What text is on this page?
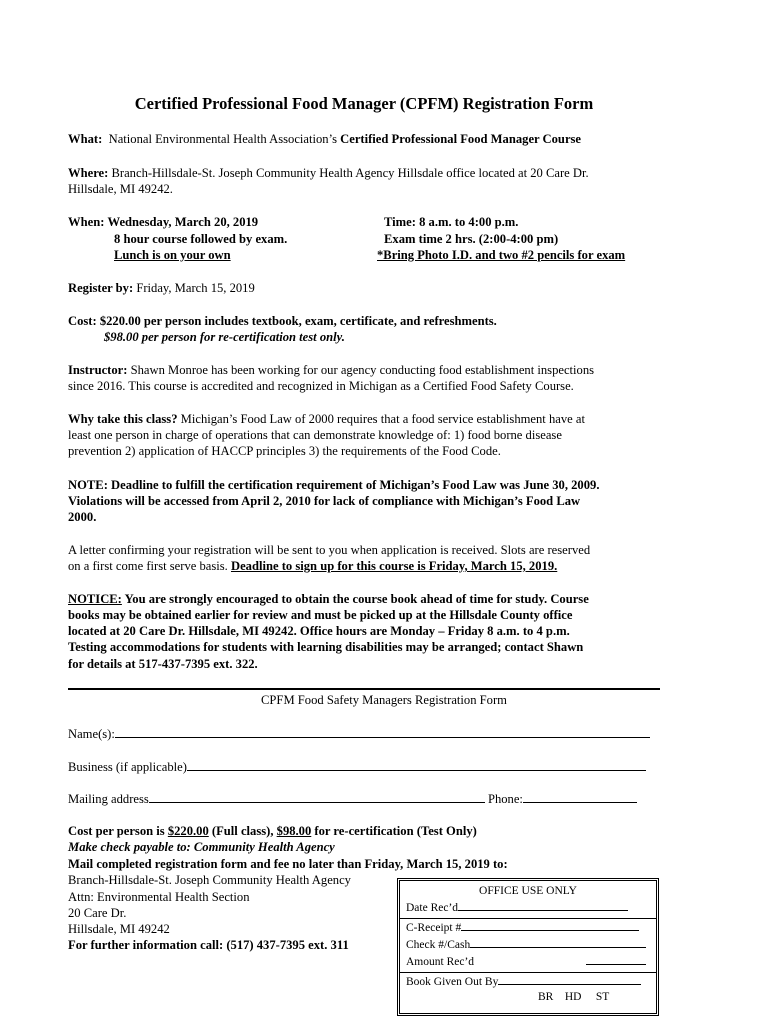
Certified Professional Food Manager (CPFM) Registration Form
What: National Environmental Health Association’s Certified Professional Food Manager Course
Where: Branch-Hillsdale-St. Joseph Community Health Agency Hillsdale office located at 20 Care Dr.
Hillsdale, MI 49242.
When: Wednesday, March 20, 2019
8 hour course followed by exam.
Lunch is on your own
Time: 8 a.m. to 4:00 p.m.
Exam time 2 hrs. (2:00-4:00 pm)
*Bring Photo I.D. and two #2 pencils for exam
Register by: Friday, March 15, 2019
Cost: $220.00 per person includes textbook, exam, certificate, and refreshments.
$98.00 per person for re-certification test only.
Instructor: Shawn Monroe has been working for our agency conducting food establishment inspections
since 2016. This course is accredited and recognized in Michigan as a Certified Food Safety Course.
Why take this class? Michigan’s Food Law of 2000 requires that a food service establishment have at
least one person in charge of operations that can demonstrate knowledge of: 1) food borne disease
prevention 2) application of HACCP principles 3) the requirements of the Food Code.
NOTE: Deadline to fulfill the certification requirement of Michigan’s Food Law was June 30, 2009.
Violations will be accessed from April 2, 2010 for lack of compliance with Michigan’s Food Law
2000.
A letter confirming your registration will be sent to you when application is received. Slots are reserved
on a first come first serve basis. Deadline to sign up for this course is Friday, March 15, 2019.
NOTICE: You are strongly encouraged to obtain the course book ahead of time for study. Course
books may be obtained earlier for review and must be picked up at the Hillsdale County office
located at 20 Care Dr. Hillsdale, MI 49242. Office hours are Monday – Friday 8 a.m. to 4 p.m.
Testing accommodations for students with learning disabilities may be arranged; contact Shawn
for details at 517-437-7395 ext. 322.
CPFM Food Safety Managers Registration Form
Name(s):
Business (if applicable)
Mailing address	Phone:
Cost per person is $220.00 (Full class), $98.00 for re-certification (Test Only)
Make check payable to: Community Health Agency
Mail completed registration form and fee no later than Friday, March 15, 2019 to:
Branch-Hillsdale-St. Joseph Community Health Agency
Attn: Environmental Health Section
20 Care Dr.
Hillsdale, MI 49242
For further information call: (517) 437-7395 ext. 311
OFFICE USE ONLY
Date Rec’d
C-Receipt #
Check #/Cash
Amount Rec’d
Book Given Out By
BR    HD     ST
